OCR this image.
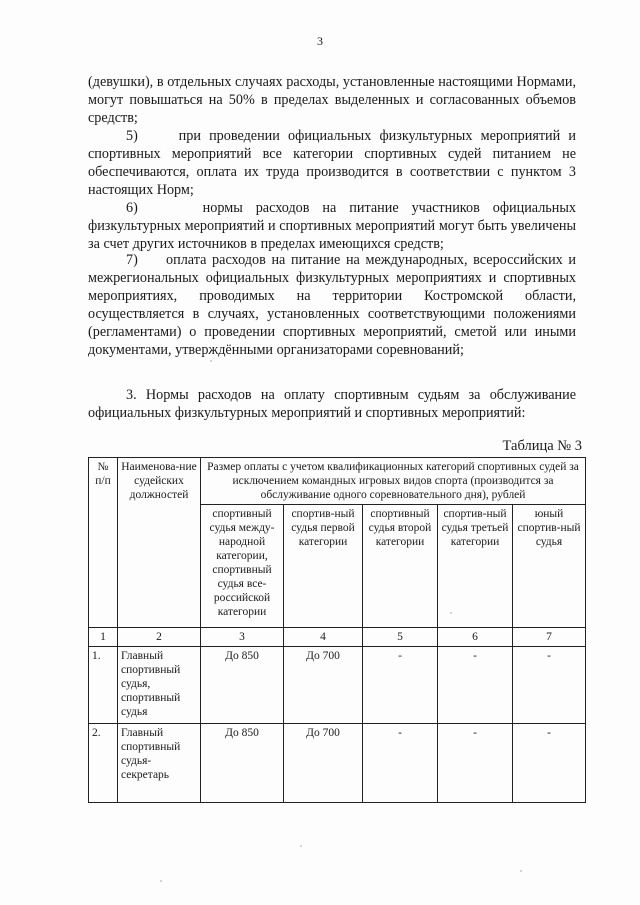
3

(девушки), в отдельных случаях расходы, установленные настоящими Нормами, могут повышаться на 50% в пределах выделенных и согласованных объемов средств;

5)     при проведении официальных физкультурных мероприятий и спортивных мероприятий все категории спортивных судей питанием не обеспечиваются, оплата их труда производится в соответствии с пунктом 3 настоящих Норм;

6)     нормы расходов на питание участников официальных физкультурных мероприятий и спортивных мероприятий могут быть увеличены за счет других источников в пределах имеющихся средств;

7)     оплата расходов на питание на международных, всероссийских и межрегиональных официальных физкультурных мероприятиях и спортивных мероприятиях, проводимых на территории Костромской области, осуществляется в случаях, установленных соответствующими положениями (регламентами) о проведении спортивных мероприятий, сметой или иными документами, утверждёнными организаторами соревнований;

3. Нормы расходов на оплату спортивным судьям за обслуживание официальных физкультурных мероприятий и спортивных мероприятий:

Таблица № 3
№ п/п	Наименова-ние судейских должностей	Размер оплаты с учетом квалификационных категорий спортивных судей за исключением командных игровых видов спорта (производится за обслуживание одного соревновательного дня), рублей				
		спортивный судья между-народной категории, спортивный судья все-российской категории	спортив-ный судья первой категории	спортивный судья второй категории	спортив-ный судья третьей категории	юный спортив-ный судья
1	2	3	4	5	6	7
1.	Главный спортивный судья, спортивный судья	До 850	До 700	-	-	-
2.	Главный спортивный судья-секретарь	До 850	До 700	-	-	-
